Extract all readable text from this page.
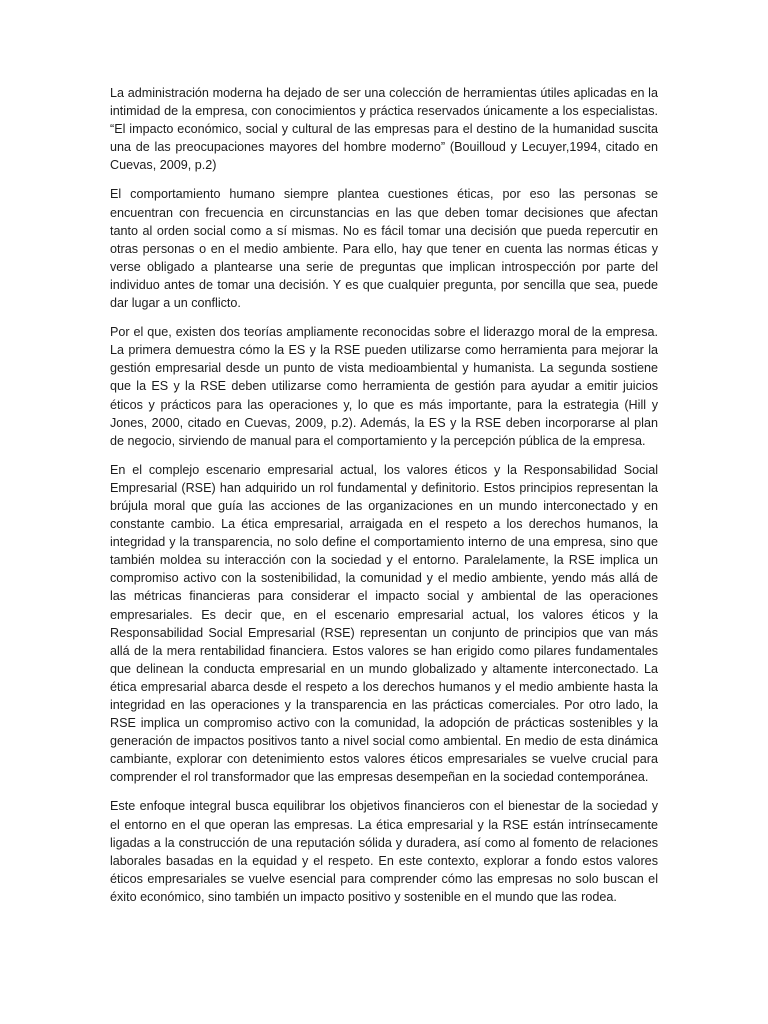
La administración moderna ha dejado de ser una colección de herramientas útiles aplicadas en la intimidad de la empresa, con conocimientos y práctica reservados únicamente a los especialistas. “El impacto económico, social y cultural de las empresas para el destino de la humanidad suscita una de las preocupaciones mayores del hombre moderno” (Bouilloud y Lecuyer,1994, citado en Cuevas, 2009, p.2)

El comportamiento humano siempre plantea cuestiones éticas, por eso las personas se encuentran con frecuencia en circunstancias en las que deben tomar decisiones que afectan tanto al orden social como a sí mismas. No es fácil tomar una decisión que pueda repercutir en otras personas o en el medio ambiente. Para ello, hay que tener en cuenta las normas éticas y verse obligado a plantearse una serie de preguntas que implican introspección por parte del individuo antes de tomar una decisión. Y es que cualquier pregunta, por sencilla que sea, puede dar lugar a un conflicto.

Por el que, existen dos teorías ampliamente reconocidas sobre el liderazgo moral de la empresa. La primera demuestra cómo la ES y la RSE pueden utilizarse como herramienta para mejorar la gestión empresarial desde un punto de vista medioambiental y humanista. La segunda sostiene que la ES y la RSE deben utilizarse como herramienta de gestión para ayudar a emitir juicios éticos y prácticos para las operaciones y, lo que es más importante, para la estrategia (Hill y Jones, 2000, citado en Cuevas, 2009, p.2). Además, la ES y la RSE deben incorporarse al plan de negocio, sirviendo de manual para el comportamiento y la percepción pública de la empresa.

En el complejo escenario empresarial actual, los valores éticos y la Responsabilidad Social Empresarial (RSE) han adquirido un rol fundamental y definitorio. Estos principios representan la brújula moral que guía las acciones de las organizaciones en un mundo interconectado y en constante cambio. La ética empresarial, arraigada en el respeto a los derechos humanos, la integridad y la transparencia, no solo define el comportamiento interno de una empresa, sino que también moldea su interacción con la sociedad y el entorno. Paralelamente, la RSE implica un compromiso activo con la sostenibilidad, la comunidad y el medio ambiente, yendo más allá de las métricas financieras para considerar el impacto social y ambiental de las operaciones empresariales. Es decir que, en el escenario empresarial actual, los valores éticos y la Responsabilidad Social Empresarial (RSE) representan un conjunto de principios que van más allá de la mera rentabilidad financiera. Estos valores se han erigido como pilares fundamentales que delinean la conducta empresarial en un mundo globalizado y altamente interconectado. La ética empresarial abarca desde el respeto a los derechos humanos y el medio ambiente hasta la integridad en las operaciones y la transparencia en las prácticas comerciales. Por otro lado, la RSE implica un compromiso activo con la comunidad, la adopción de prácticas sostenibles y la generación de impactos positivos tanto a nivel social como ambiental. En medio de esta dinámica cambiante, explorar con detenimiento estos valores éticos empresariales se vuelve crucial para comprender el rol transformador que las empresas desempeñan en la sociedad contemporánea.

Este enfoque integral busca equilibrar los objetivos financieros con el bienestar de la sociedad y el entorno en el que operan las empresas. La ética empresarial y la RSE están intrínsecamente ligadas a la construcción de una reputación sólida y duradera, así como al fomento de relaciones laborales basadas en la equidad y el respeto. En este contexto, explorar a fondo estos valores éticos empresariales se vuelve esencial para comprender cómo las empresas no solo buscan el éxito económico, sino también un impacto positivo y sostenible en el mundo que las rodea.
